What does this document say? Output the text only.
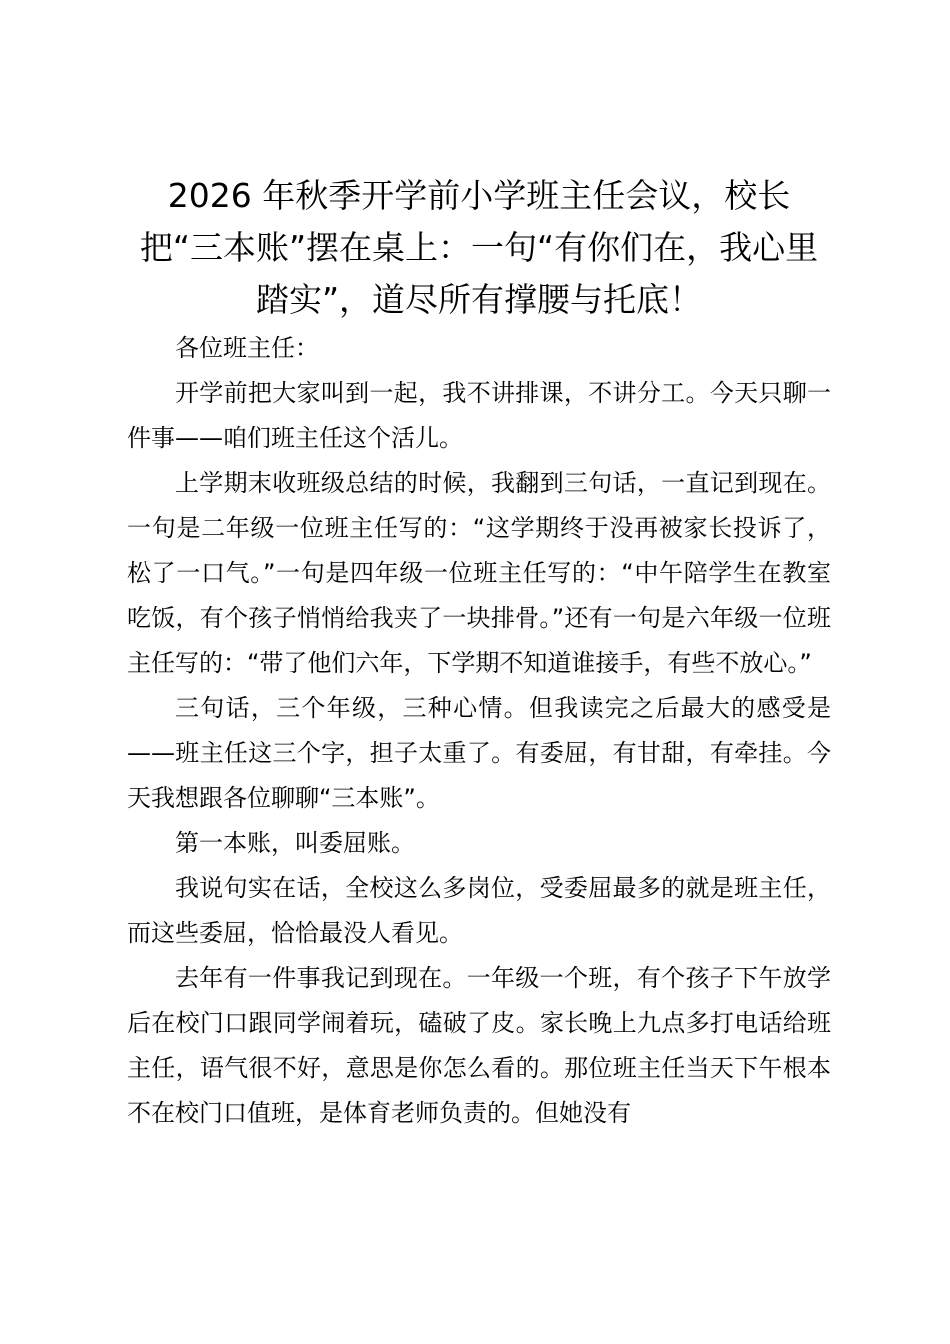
2026 年秋季开学前小学班主任会议，校长把“三本账”摆在桌上：一句“有你们在，我心里踏实”，道尽所有撑腰与托底！

各位班主任：

开学前把大家叫到一起，我不讲排课，不讲分工。今天只聊一件事——咱们班主任这个活儿。

上学期末收班级总结的时候，我翻到三句话，一直记到现在。一句是二年级一位班主任写的：“这学期终于没再被家长投诉了，松了一口气。”一句是四年级一位班主任写的：“中午陪学生在教室吃饭，有个孩子悄悄给我夹了一块排骨。”还有一句是六年级一位班主任写的：“带了他们六年，下学期不知道谁接手，有些不放心。”

三句话，三个年级，三种心情。但我读完之后最大的感受是——班主任这三个字，担子太重了。有委屈，有甘甜，有牵挂。今天我想跟各位聊聊“三本账”。

第一本账，叫委屈账。

我说句实在话，全校这么多岗位，受委屈最多的就是班主任，而这些委屈，恰恰最没人看见。

去年有一件事我记到现在。一年级一个班，有个孩子下午放学后在校门口跟同学闹着玩，磕破了皮。家长晚上九点多打电话给班主任，语气很不好，意思是你怎么看的。那位班主任当天下午根本不在校门口值班，是体育老师负责的。但她没有
